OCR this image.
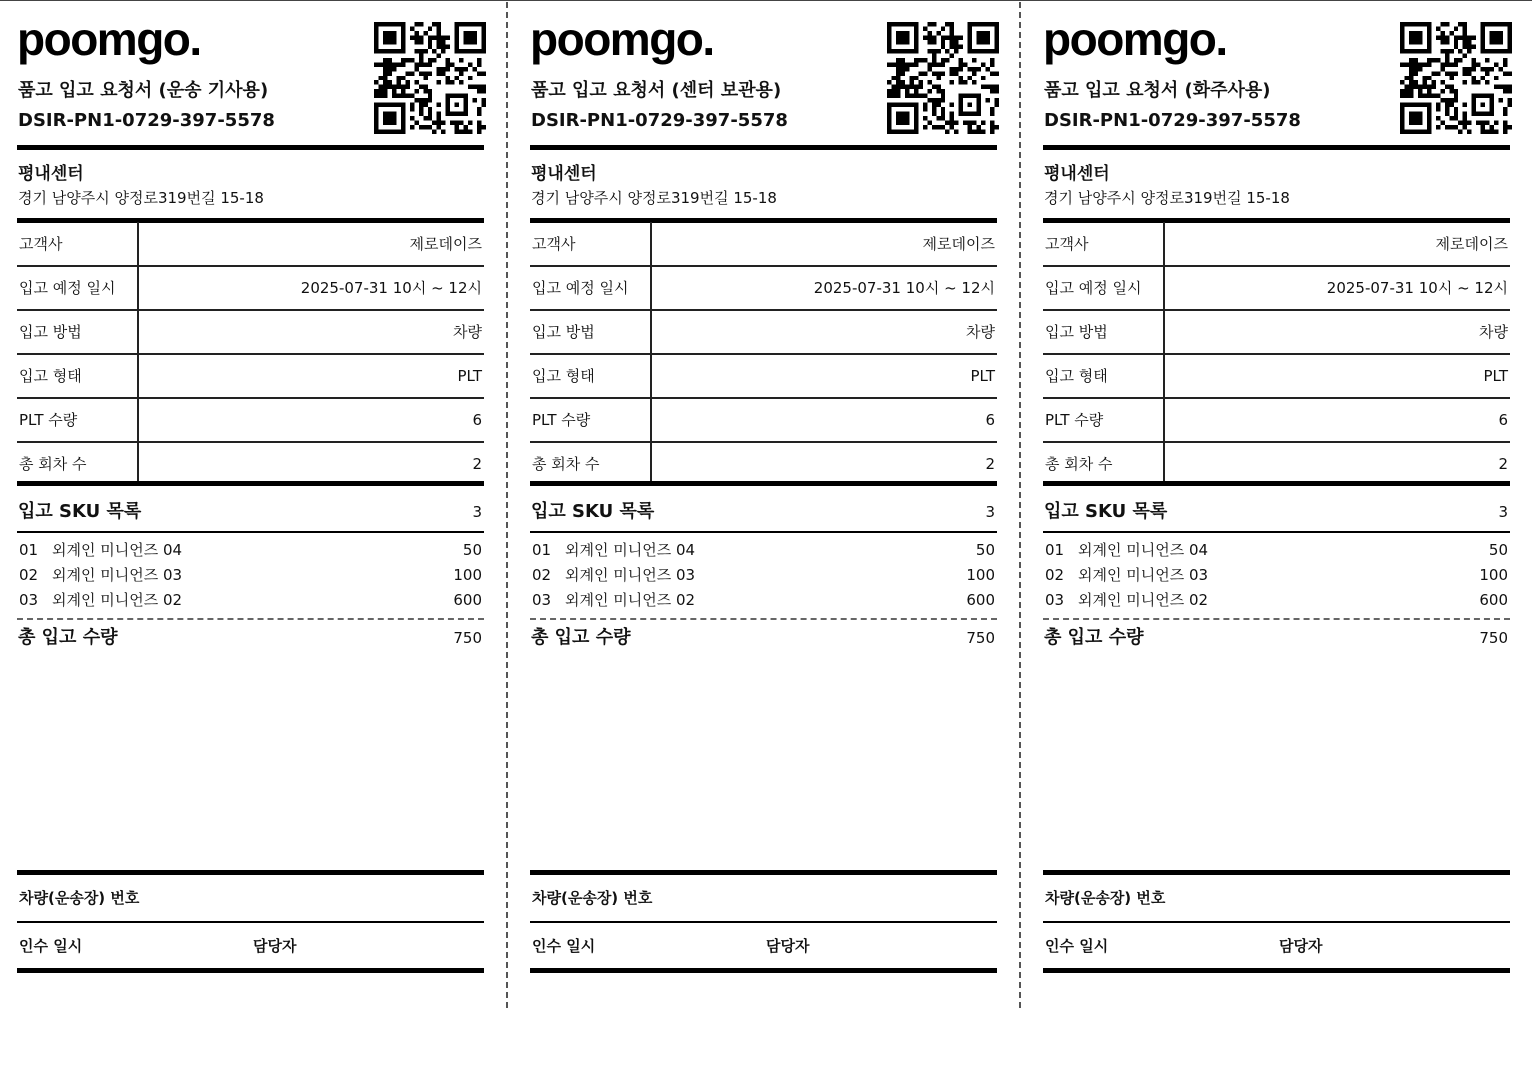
poomgo.
품고 입고 요청서 (운송 기사용)
DSIR-PN1-0729-397-5578
평내센터
경기 남양주시 양정로319번길 15-18
고객사	제로데이즈
입고 예정 일시	2025-07-31 10시 ~ 12시
입고 방법	차량
입고 형태	PLT
PLT 수량	6
총 회차 수	2
입고 SKU 목록	3
01 외계인 미니언즈 04	50
02 외계인 미니언즈 03	100
03 외계인 미니언즈 02	600
총 입고 수량	750
차량(운송장) 번호
인수 일시	담당자
poomgo.
품고 입고 요청서 (센터 보관용)
DSIR-PN1-0729-397-5578
평내센터
경기 남양주시 양정로319번길 15-18
고객사	제로데이즈
입고 예정 일시	2025-07-31 10시 ~ 12시
입고 방법	차량
입고 형태	PLT
PLT 수량	6
총 회차 수	2
입고 SKU 목록	3
01 외계인 미니언즈 04	50
02 외계인 미니언즈 03	100
03 외계인 미니언즈 02	600
총 입고 수량	750
차량(운송장) 번호
인수 일시	담당자
poomgo.
품고 입고 요청서 (화주사용)
DSIR-PN1-0729-397-5578
평내센터
경기 남양주시 양정로319번길 15-18
고객사	제로데이즈
입고 예정 일시	2025-07-31 10시 ~ 12시
입고 방법	차량
입고 형태	PLT
PLT 수량	6
총 회차 수	2
입고 SKU 목록	3
01 외계인 미니언즈 04	50
02 외계인 미니언즈 03	100
03 외계인 미니언즈 02	600
총 입고 수량	750
차량(운송장) 번호
인수 일시	담당자
